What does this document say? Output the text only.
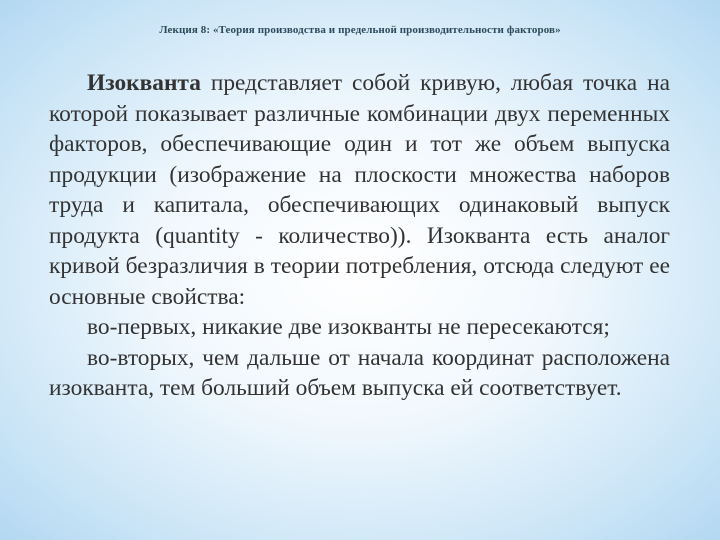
Лекция 8: «Теория производства и предельной производительности факторов»

Изокванта представляет собой кривую, любая точка на которой показывает различные комбинации двух переменных факторов, обеспечивающие один и тот же объем выпуска продукции (изображение на плоскости множества наборов труда и капитала, обеспечивающих одинаковый выпуск продукта (quantity - количество)). Изокванта есть аналог кривой безразличия в теории потребления, отсюда следуют ее основные свойства:

во-первых, никакие две изокванты не пересекаются;

во-вторых, чем дальше от начала координат расположена изокванта, тем больший объем выпуска ей соответствует.
